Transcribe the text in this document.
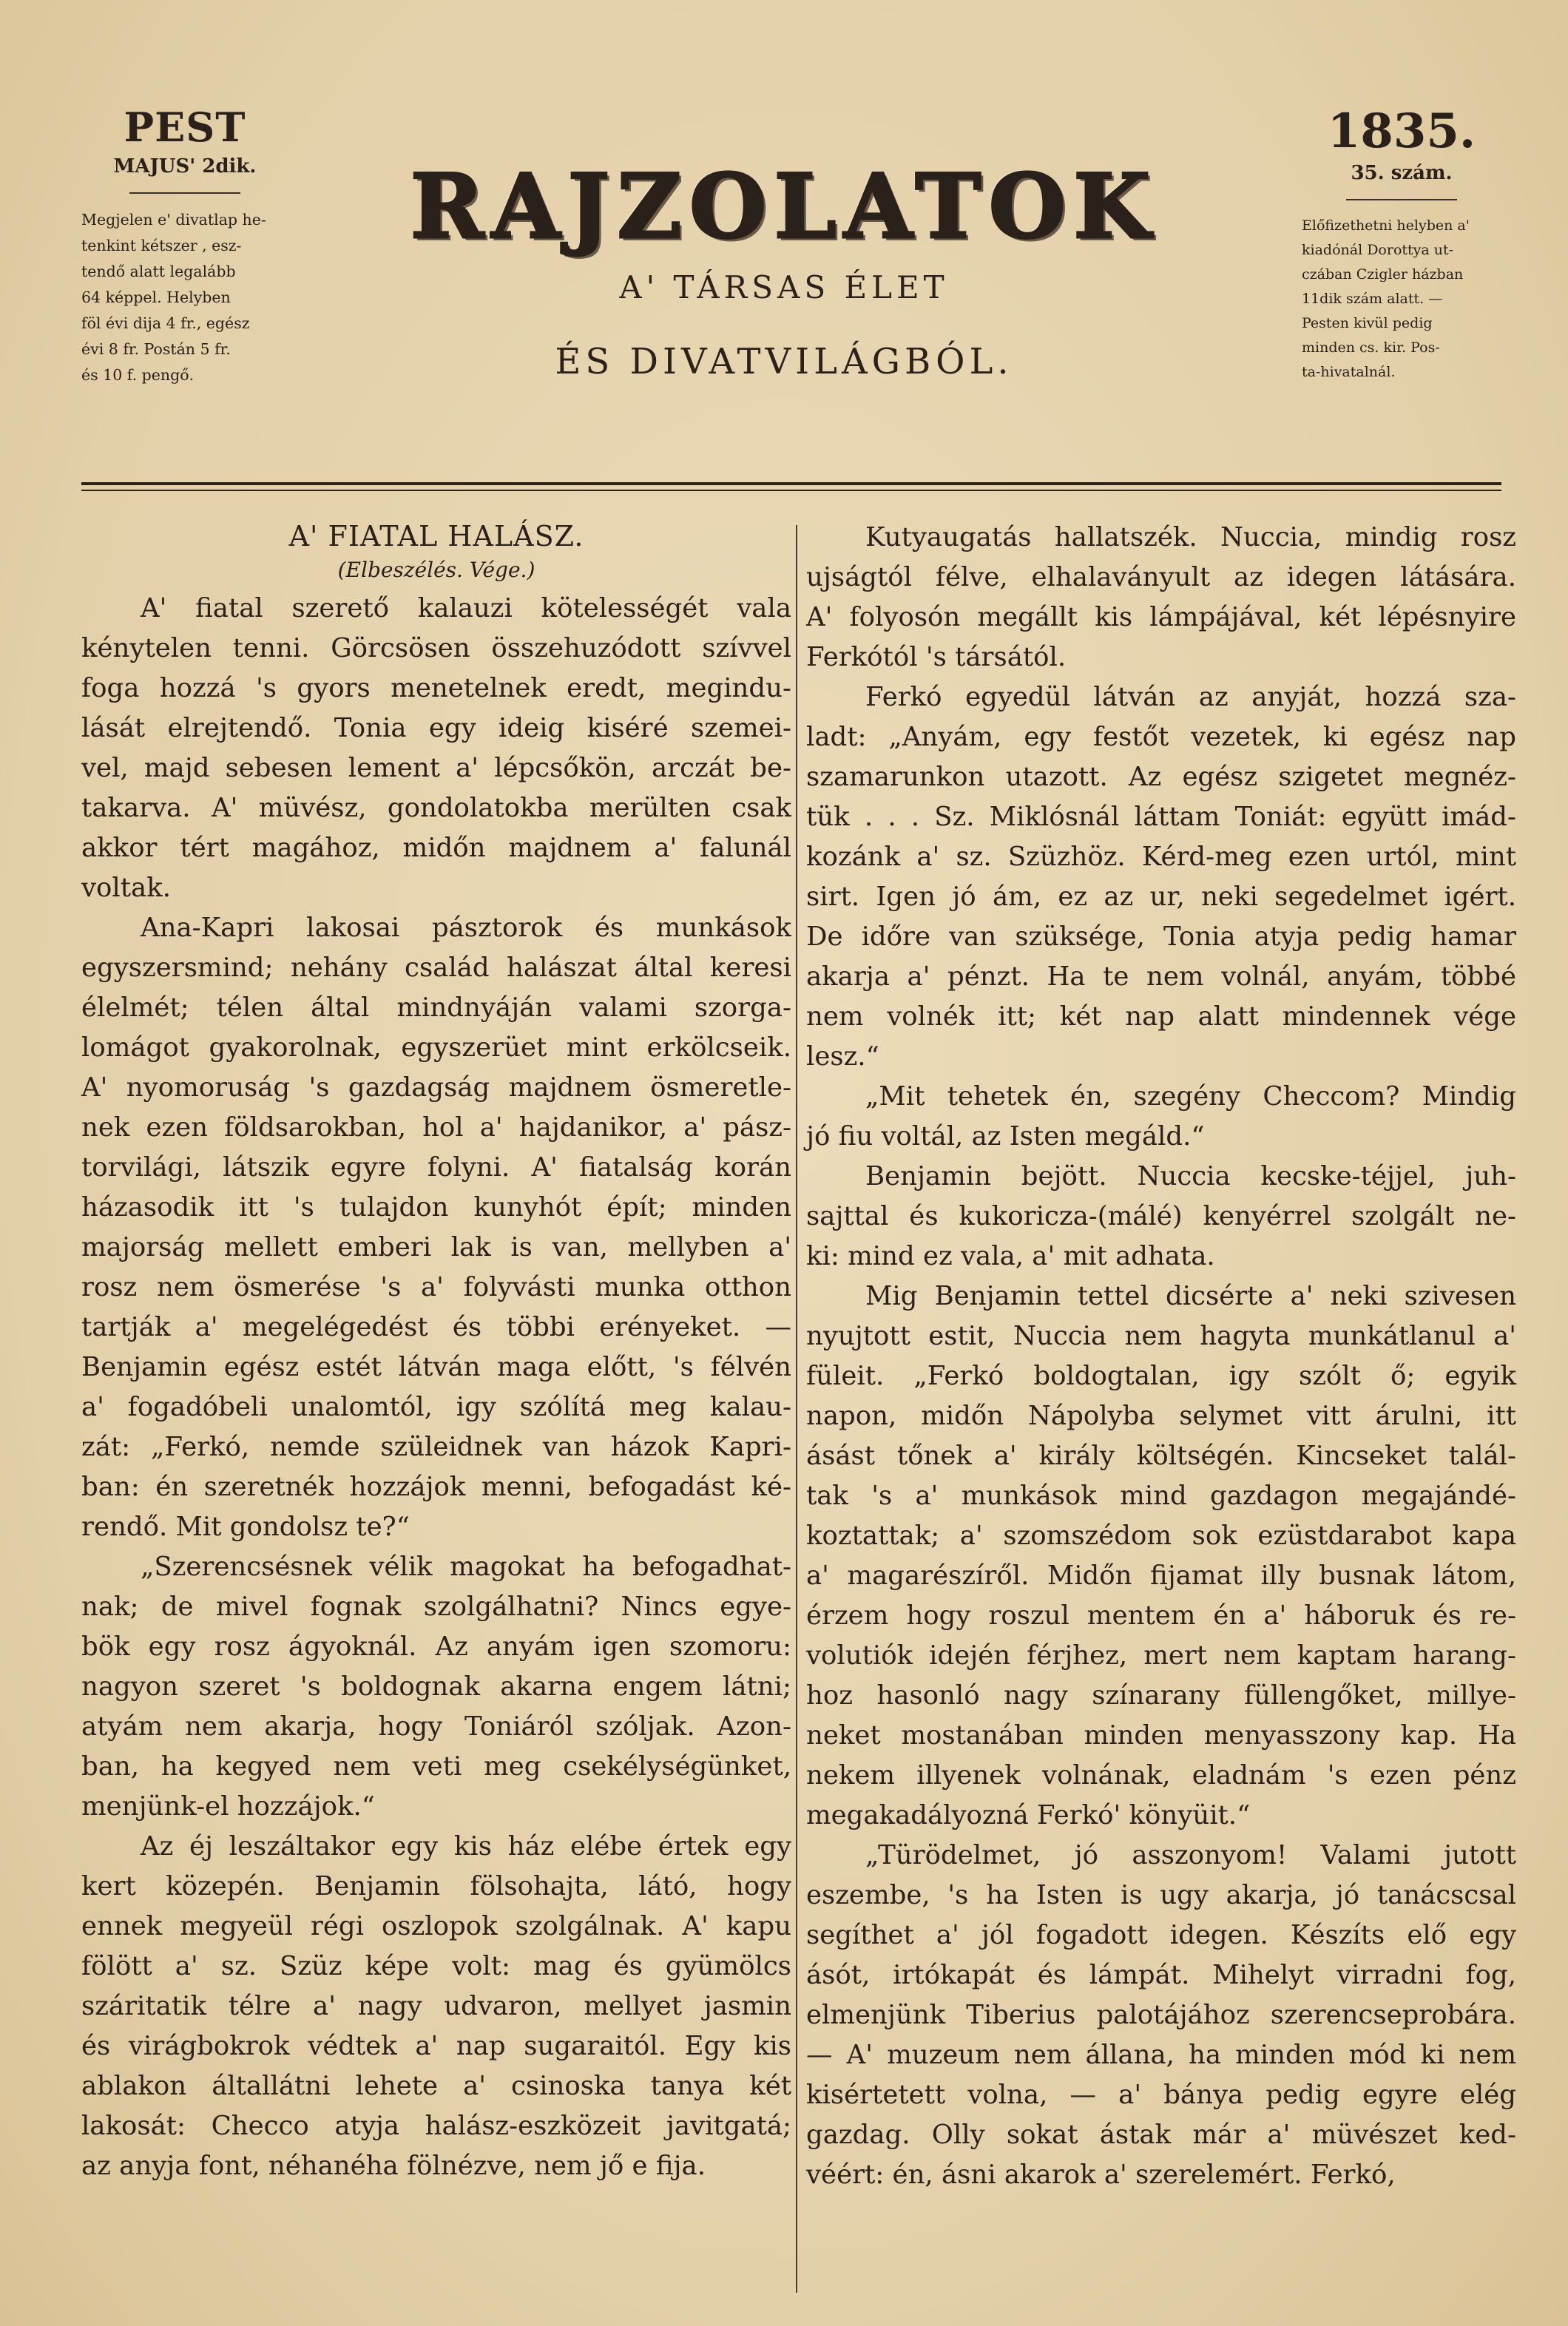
PEST
MAJUS' 2dik.
Megjelen e' divatlap he-
tenkint kétszer , esz-
tendő alatt legalább
64 képpel. Helyben
föl évi dija 4 fr., egész
évi 8 fr. Postán 5 fr.
és 10 f. pengő.
RAJZOLATOK
A' TÁRSAS ÉLET
ÉS DIVATVILÁGBÓL.
1835.
35. szám.
Előfizethetni helyben a'
kiadónál Dorottya ut-
czában Czigler házban
11dik szám alatt. —
Pesten kivül pedig
minden cs. kir. Pos-
ta-hivatalnál.
A' FIATAL HALÁSZ.
(Elbeszélés. Vége.)

A' fiatal szerető kalauzi kötelességét vala
kénytelen tenni. Görcsösen összehuzódott szívvel
foga hozzá 's gyors menetelnek eredt, megindu-
lását elrejtendő. Tonia egy ideig kiséré szemei-
vel, majd sebesen lement a' lépcsőkön, arczát be-
takarva. A' müvész, gondolatokba merülten csak
akkor tért magához, midőn majdnem a' falunál
voltak.

Ana-Kapri lakosai pásztorok és munkások
egyszersmind; nehány család halászat által keresi
élelmét; télen által mindnyáján valami szorga-
lomágot gyakorolnak, egyszerüet mint erkölcseik.
A' nyomoruság 's gazdagság majdnem ösmeretle-
nek ezen földsarokban, hol a' hajdanikor, a' pász-
torvilági, látszik egyre folyni. A' fiatalság korán
házasodik itt 's tulajdon kunyhót épít; minden
majorság mellett emberi lak is van, mellyben a'
rosz nem ösmerése 's a' folyvásti munka otthon
tartják a' megelégedést és többi erényeket. —
Benjamin egész estét látván maga előtt, 's félvén
a' fogadóbeli unalomtól, igy szólítá meg kalau-
zát: „Ferkó, nemde szüleidnek van házok Kapri-
ban: én szeretnék hozzájok menni, befogadást ké-
rendő. Mit gondolsz te?“

„Szerencsésnek vélik magokat ha befogadhat-
nak; de mivel fognak szolgálhatni? Nincs egye-
bök egy rosz ágyoknál. Az anyám igen szomoru:
nagyon szeret 's boldognak akarna engem látni;
atyám nem akarja, hogy Toniáról szóljak. Azon-
ban, ha kegyed nem veti meg csekélységünket,
menjünk-el hozzájok.“

Az éj leszáltakor egy kis ház elébe értek egy
kert közepén. Benjamin fölsohajta, látó, hogy
ennek megyeül régi oszlopok szolgálnak. A' kapu
fölött a' sz. Szüz képe volt: mag és gyümölcs
száritatik télre a' nagy udvaron, mellyet jasmin
és virágbokrok védtek a' nap sugaraitól. Egy kis
ablakon általlátni lehete a' csinoska tanya két
lakosát: Checco atyja halász-eszközeit javitgatá;
az anyja font, néhanéha fölnézve, nem jő e fija.

Kutyaugatás hallatszék. Nuccia, mindig rosz
ujságtól félve, elhalaványult az idegen látására.
A' folyosón megállt kis lámpájával, két lépésnyire
Ferkótól 's társától.

Ferkó egyedül látván az anyját, hozzá sza-
ladt: „Anyám, egy festőt vezetek, ki egész nap
szamarunkon utazott. Az egész szigetet megnéz-
tük . . . Sz. Miklósnál láttam Toniát: együtt imád-
kozánk a' sz. Szüzhöz. Kérd-meg ezen urtól, mint
sirt. Igen jó ám, ez az ur, neki segedelmet igért.
De időre van szüksége, Tonia atyja pedig hamar
akarja a' pénzt. Ha te nem volnál, anyám, többé
nem volnék itt; két nap alatt mindennek vége
lesz.“

„Mit tehetek én, szegény Checcom? Mindig
jó fiu voltál, az Isten megáld.“

Benjamin bejött. Nuccia kecske-téjjel, juh-
sajttal és kukoricza-(málé) kenyérrel szolgált ne-
ki: mind ez vala, a' mit adhata.

Mig Benjamin tettel dicsérte a' neki szivesen
nyujtott estit, Nuccia nem hagyta munkátlanul a'
füleit. „Ferkó boldogtalan, igy szólt ő; egyik
napon, midőn Nápolyba selymet vitt árulni, itt
ásást tőnek a' király költségén. Kincseket talál-
tak 's a' munkások mind gazdagon megajándé-
koztattak; a' szomszédom sok ezüstdarabot kapa
a' magarészíről. Midőn fijamat illy busnak látom,
érzem hogy roszul mentem én a' háboruk és re-
volutiók idején férjhez, mert nem kaptam harang-
hoz hasonló nagy színarany füllengőket, millye-
neket mostanában minden menyasszony kap. Ha
nekem illyenek volnának, eladnám 's ezen pénz
megakadályozná Ferkó' könyüit.“

„Türödelmet, jó asszonyom! Valami jutott
eszembe, 's ha Isten is ugy akarja, jó tanácscsal
segíthet a' jól fogadott idegen. Készíts elő egy
ásót, irtókapát és lámpát. Mihelyt virradni fog,
elmenjünk Tiberius palotájához szerencseprobára.
— A' muzeum nem állana, ha minden mód ki nem
kisértetett volna, — a' bánya pedig egyre elég
gazdag. Olly sokat ástak már a' müvészet ked-
véért: én, ásni akarok a' szerelemért. Ferkó,
